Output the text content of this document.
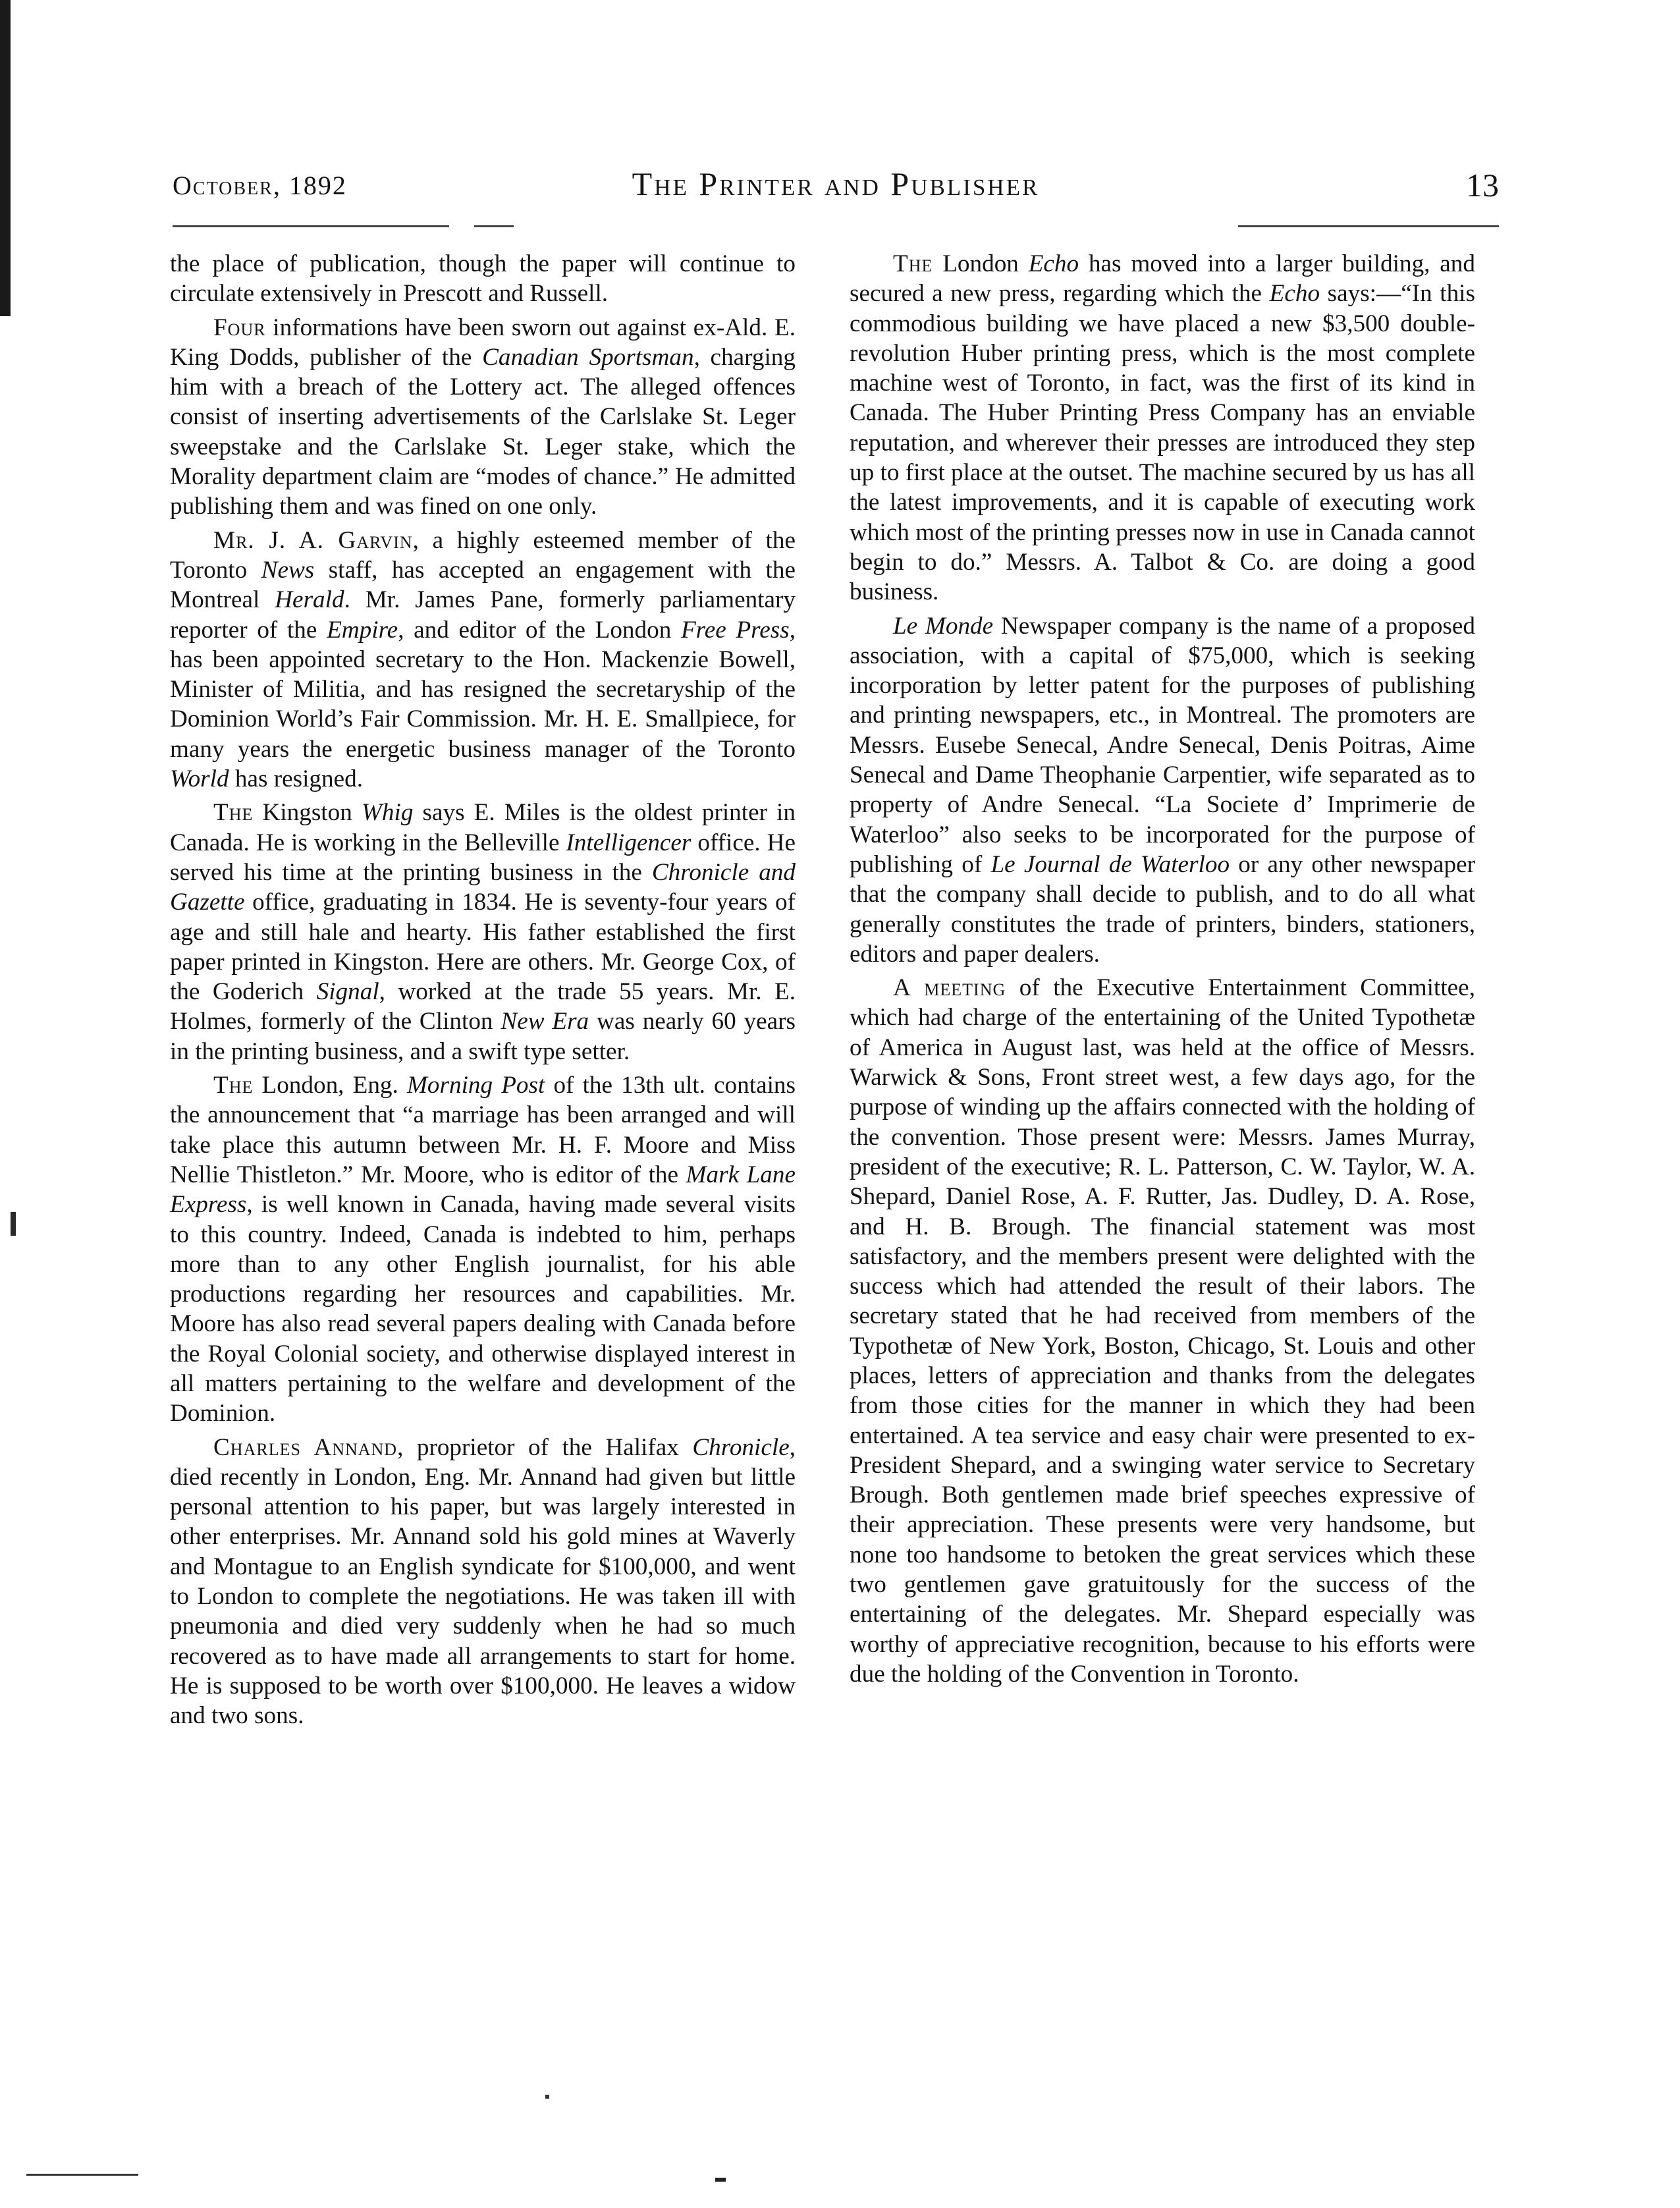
October, 1892	The Printer and Publisher	13

the place of publication, though the paper will continue to circulate extensively in Prescott and Russell.

Four informations have been sworn out against ex-Ald. E. King Dodds, publisher of the Canadian Sportsman, charging him with a breach of the Lottery act. The alleged offences consist of inserting advertisements of the Carlslake St. Leger sweepstake and the Carlslake St. Leger stake, which the Morality department claim are “modes of chance.” He admitted publishing them and was fined on one only.

Mr. J. A. Garvin, a highly esteemed member of the Toronto News staff, has accepted an engagement with the Montreal Herald. Mr. James Pane, formerly parliamentary reporter of the Empire, and editor of the London Free Press, has been appointed secretary to the Hon. Mackenzie Bowell, Minister of Militia, and has resigned the secretaryship of the Dominion World’s Fair Commission. Mr. H. E. Smallpiece, for many years the energetic business manager of the Toronto World has resigned.

The Kingston Whig says E. Miles is the oldest printer in Canada. He is working in the Belleville Intelligencer office. He served his time at the printing business in the Chronicle and Gazette office, graduating in 1834. He is seventy-four years of age and still hale and hearty. His father established the first paper printed in Kingston. Here are others. Mr. George Cox, of the Goderich Signal, worked at the trade 55 years. Mr. E. Holmes, formerly of the Clinton New Era was nearly 60 years in the printing business, and a swift type setter.

The London, Eng. Morning Post of the 13th ult. contains the announcement that “a marriage has been arranged and will take place this autumn between Mr. H. F. Moore and Miss Nellie Thistleton.” Mr. Moore, who is editor of the Mark Lane Express, is well known in Canada, having made several visits to this country. Indeed, Canada is indebted to him, perhaps more than to any other English journalist, for his able productions regarding her resources and capabilities. Mr. Moore has also read several papers dealing with Canada before the Royal Colonial society, and otherwise displayed interest in all matters pertaining to the welfare and development of the Dominion.

Charles Annand, proprietor of the Halifax Chronicle, died recently in London, Eng. Mr. Annand had given but little personal attention to his paper, but was largely interested in other enterprises. Mr. Annand sold his gold mines at Waverly and Montague to an English syndicate for $100,000, and went to London to complete the negotiations. He was taken ill with pneumonia and died very suddenly when he had so much recovered as to have made all arrangements to start for home. He is supposed to be worth over $100,000. He leaves a widow and two sons.

The London Echo has moved into a larger building, and secured a new press, regarding which the Echo says:—“In this commodious building we have placed a new $3,500 double-revolution Huber printing press, which is the most complete machine west of Toronto, in fact, was the first of its kind in Canada. The Huber Printing Press Company has an enviable reputation, and wherever their presses are introduced they step up to first place at the outset. The machine secured by us has all the latest improvements, and it is capable of executing work which most of the printing presses now in use in Canada cannot begin to do.” Messrs. A. Talbot & Co. are doing a good business.

Le Monde Newspaper company is the name of a proposed association, with a capital of $75,000, which is seeking incorporation by letter patent for the purposes of publishing and printing newspapers, etc., in Montreal. The promoters are Messrs. Eusebe Senecal, Andre Senecal, Denis Poitras, Aime Senecal and Dame Theophanie Carpentier, wife separated as to property of Andre Senecal. “La Societe d’ Imprimerie de Waterloo” also seeks to be incorporated for the purpose of publishing of Le Journal de Waterloo or any other newspaper that the company shall decide to publish, and to do all what generally constitutes the trade of printers, binders, stationers, editors and paper dealers.

A meeting of the Executive Entertainment Committee, which had charge of the entertaining of the United Typothetæ of America in August last, was held at the office of Messrs. Warwick & Sons, Front street west, a few days ago, for the purpose of winding up the affairs connected with the holding of the convention. Those present were: Messrs. James Murray, president of the executive; R. L. Patterson, C. W. Taylor, W. A. Shepard, Daniel Rose, A. F. Rutter, Jas. Dudley, D. A. Rose, and H. B. Brough. The financial statement was most satisfactory, and the members present were delighted with the success which had attended the result of their labors. The secretary stated that he had received from members of the Typothetæ of New York, Boston, Chicago, St. Louis and other places, letters of appreciation and thanks from the delegates from those cities for the manner in which they had been entertained. A tea service and easy chair were presented to ex-President Shepard, and a swinging water service to Secretary Brough. Both gentlemen made brief speeches expressive of their appreciation. These presents were very handsome, but none too handsome to betoken the great services which these two gentlemen gave gratuitously for the success of the entertaining of the delegates. Mr. Shepard especially was worthy of appreciative recognition, because to his efforts were due the holding of the Convention in Toronto.
